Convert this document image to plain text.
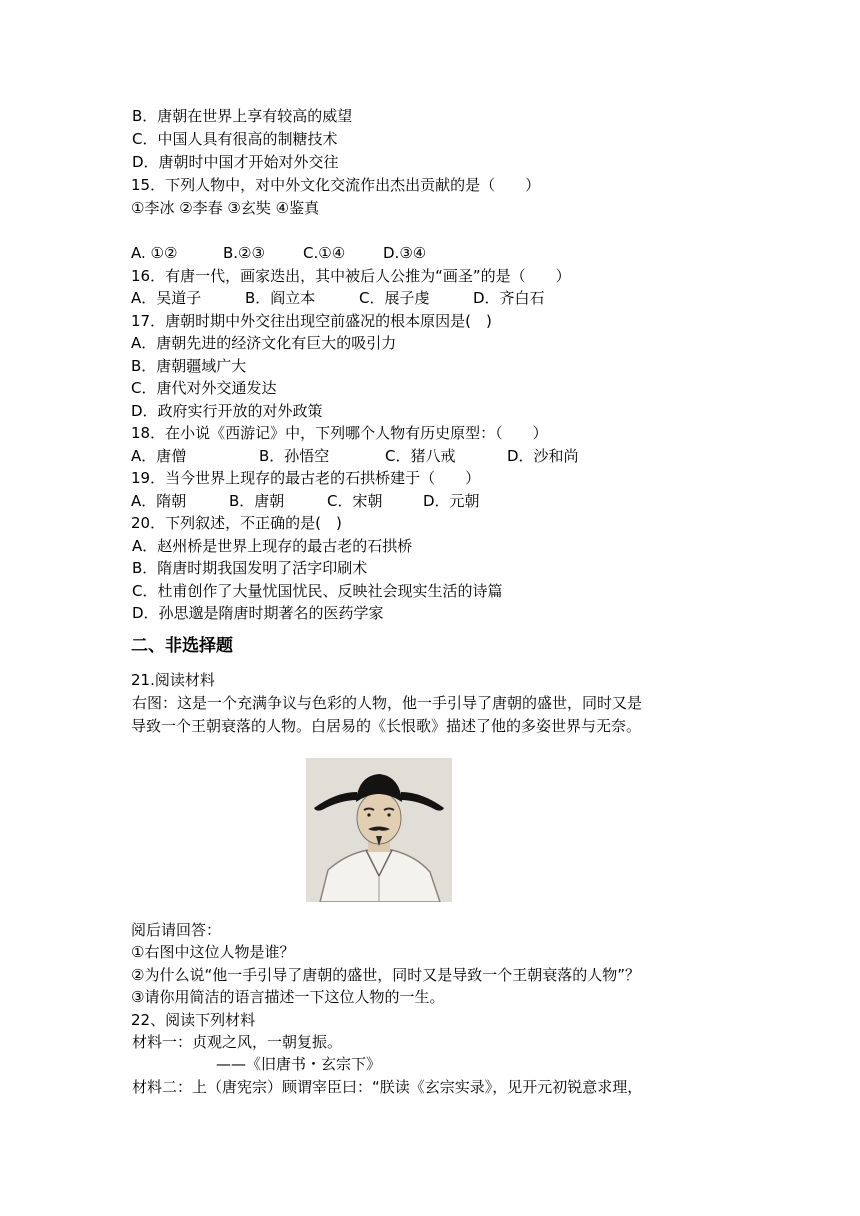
B．唐朝在世界上享有较高的威望
C．中国人具有很高的制糖技术
D．唐朝时中国才开始对外交往
15．下列人物中，对中外文化交流作出杰出贡献的是（　　）
①李冰 ②李春 ③玄奘 ④鉴真
A. ①②	B.②③	C.①④	D.③④
16．有唐一代，画家迭出，其中被后人公推为“画圣”的是（　　）
A．吴道子	B．阎立本	C．展子虔	D．齐白石
17．唐朝时期中外交往出现空前盛况的根本原因是(　)
A．唐朝先进的经济文化有巨大的吸引力
B．唐朝疆域广大
C．唐代对外交通发达
D．政府实行开放的对外政策
18．在小说《西游记》中，下列哪个人物有历史原型：（　　）
A．唐僧	B．孙悟空	C．猪八戒	D．沙和尚
19．当今世界上现存的最古老的石拱桥建于（　　）
A．隋朝	B．唐朝	C．宋朝	D．元朝
20．下列叙述，不正确的是(　)
A．赵州桥是世界上现存的最古老的石拱桥
B．隋唐时期我国发明了活字印刷术
C．杜甫创作了大量忧国忧民、反映社会现实生活的诗篇
D．孙思邈是隋唐时期著名的医药学家
二、非选择题
21.阅读材料
右图：这是一个充满争议与色彩的人物，他一手引导了唐朝的盛世，同时又是
导致一个王朝衰落的人物。白居易的《长恨歌》描述了他的多姿世界与无奈。
阅后请回答：
①右图中这位人物是谁？
②为什么说“他一手引导了唐朝的盛世，同时又是导致一个王朝衰落的人物”？
③请你用简洁的语言描述一下这位人物的一生。
22、阅读下列材料
材料一：贞观之风，一朝复振。
——《旧唐书・玄宗下》
材料二：上（唐宪宗）顾谓宰臣曰：“朕读《玄宗实录》，见开元初锐意求理，
